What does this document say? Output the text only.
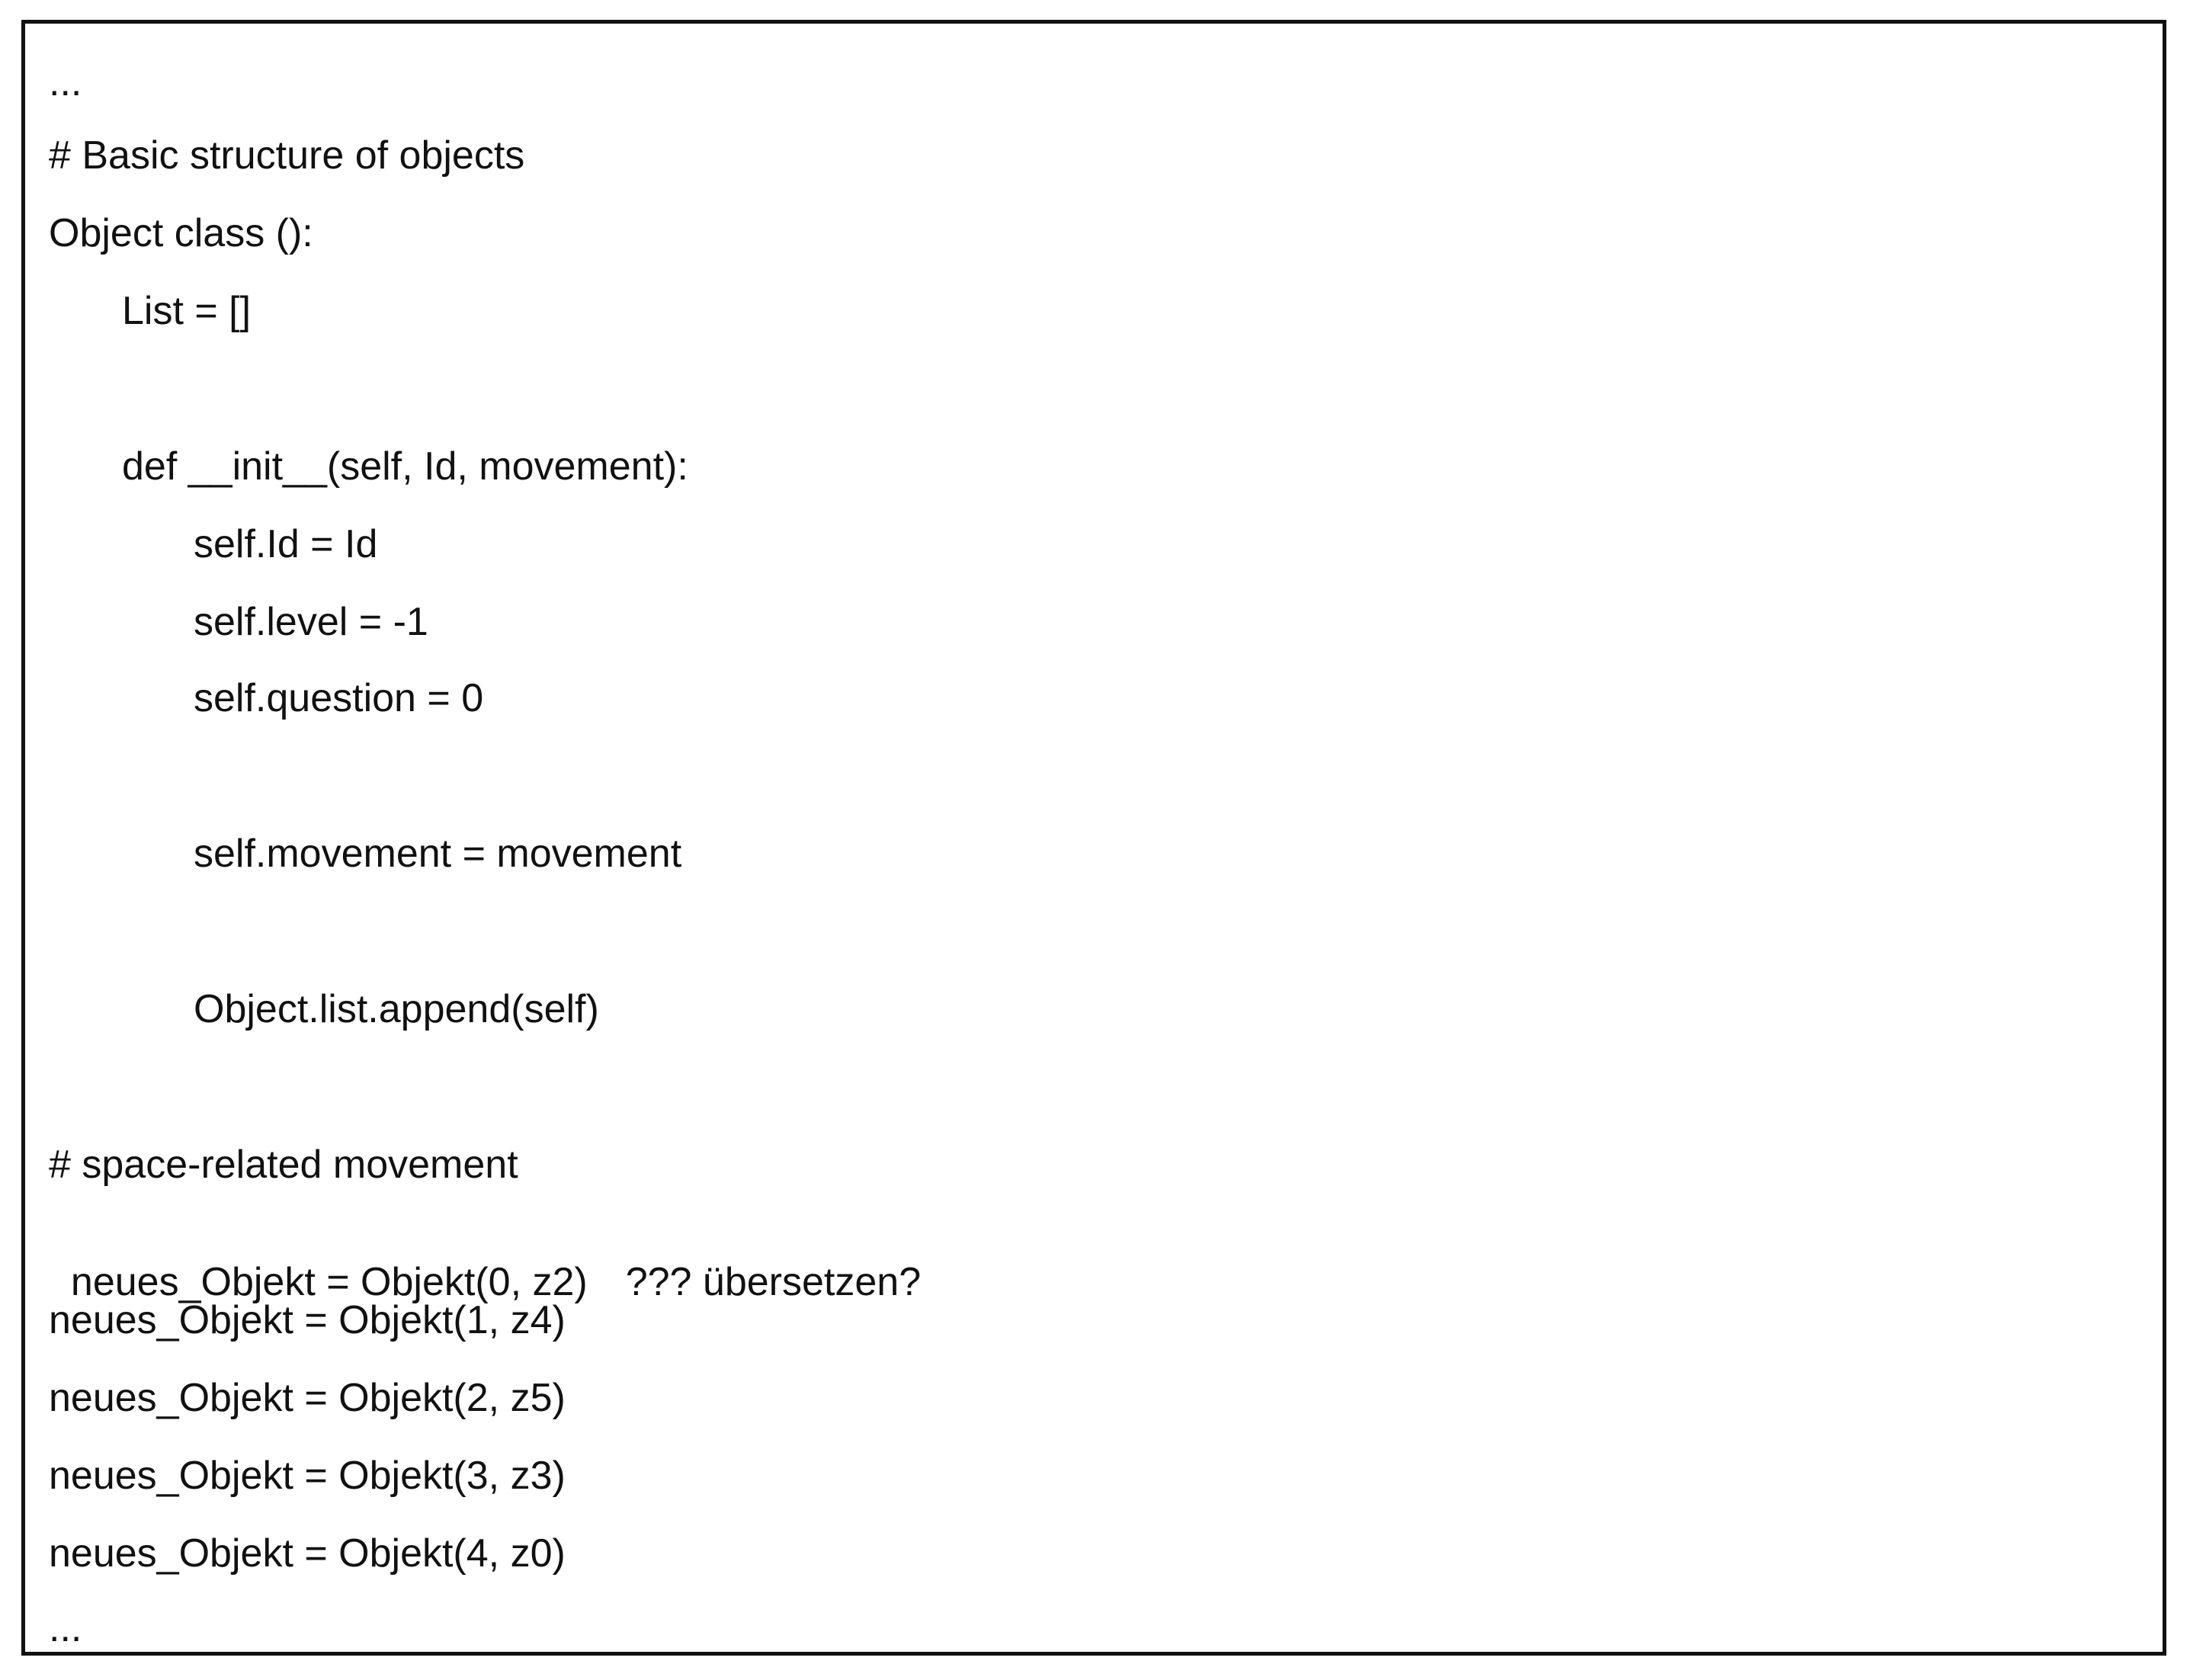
...
# Basic structure of objects
Object class ():
List = []
def __init__(self, Id, movement):
self.Id = Id
self.level = -1
self.question = 0
self.movement = movement
Object.list.append(self)
# space-related movement

neues_Objekt = Objekt(0, z2) ??? übersetzen?

neues_Objekt = Objekt(1, z4)
neues_Objekt = Objekt(2, z5)
neues_Objekt = Objekt(3, z3)
neues_Objekt = Objekt(4, z0)
...
